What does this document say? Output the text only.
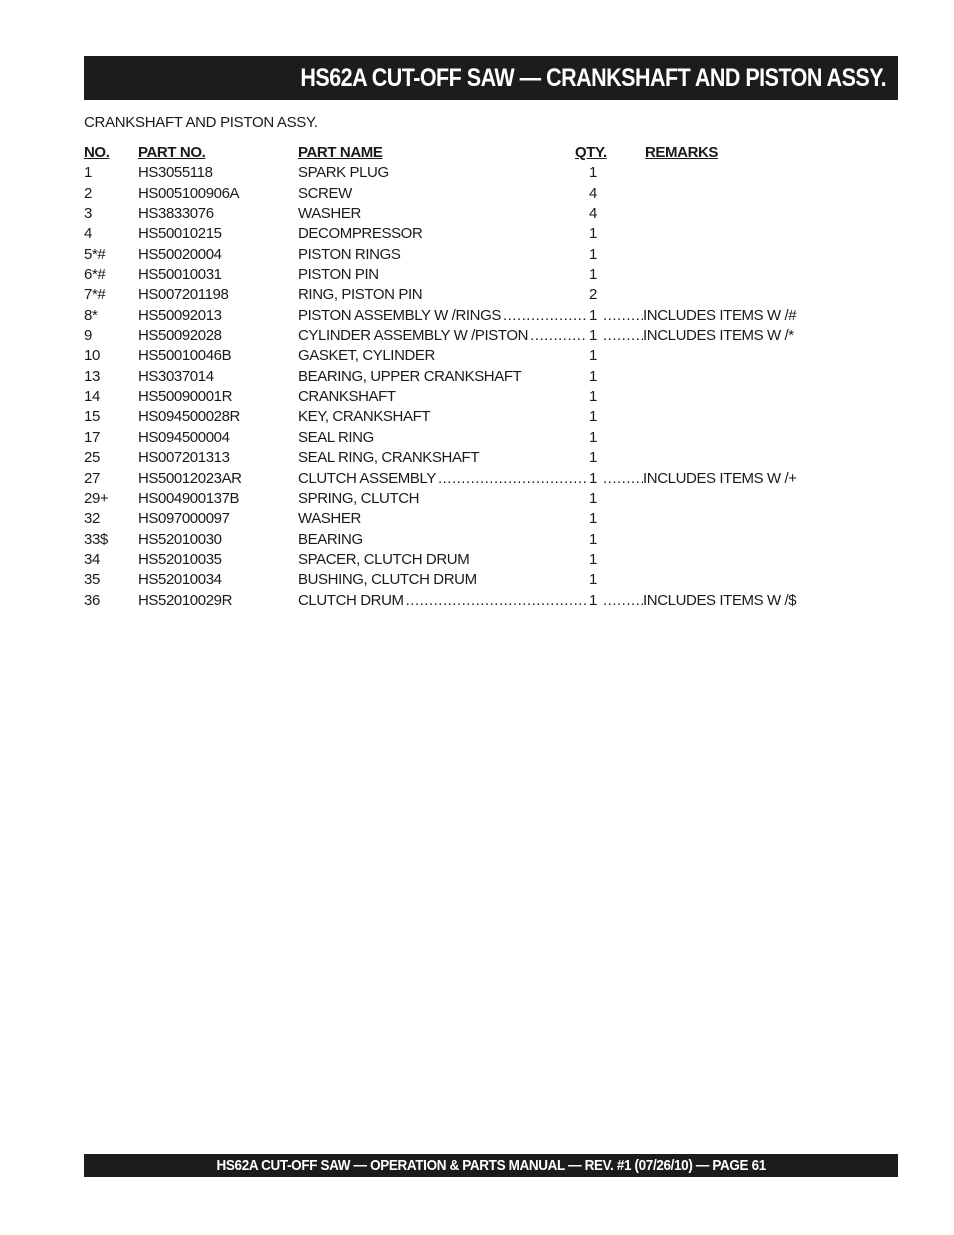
HS62A CUT-OFF SAW — CRANKSHAFT AND PISTON ASSY.
CRANKSHAFT AND PISTON ASSY.
NO. PART NO.	PART NAME	QTY.	REMARKS
1	HS3055118	SPARK PLUG	1
2	HS005100906A	SCREW	4
3	HS3833076	WASHER	4
4	HS50010215	DECOMPRESSOR	1
5*# HS50020004	PISTON RINGS	1
6*# HS50010031	PISTON PIN	1
7*# HS007201198	RING, PISTON PIN	2
8*	HS50092013	PISTON ASSEMBLY W /RINGS .....	1 .....	INCLUDES ITEMS W /#
9	HS50092028	CYLINDER ASSEMBLY W /PISTON .....	1 .....	INCLUDES ITEMS W /*
10	HS50010046B	GASKET, CYLINDER	1
13	HS3037014	BEARING, UPPER CRANKSHAFT	1
14	HS50090001R	CRANKSHAFT	1
15	HS094500028R	KEY, CRANKSHAFT	1
17	HS094500004	SEAL RING	1
25	HS007201313	SEAL RING, CRANKSHAFT	1
27	HS50012023AR	CLUTCH ASSEMBLY .....	1 .....	INCLUDES ITEMS W /+
29+ HS004900137B	SPRING, CLUTCH	1
32	HS097000097	WASHER	1
33$ HS52010030	BEARING	1
34	HS52010035	SPACER, CLUTCH DRUM	1
35	HS52010034	BUSHING, CLUTCH DRUM	1
36	HS52010029R	CLUTCH DRUM .....	1 .....	INCLUDES ITEMS W /$
HS62A CUT-OFF SAW — OPERATION & PARTS MANUAL — REV. #1 (07/26/10) — PAGE 61
